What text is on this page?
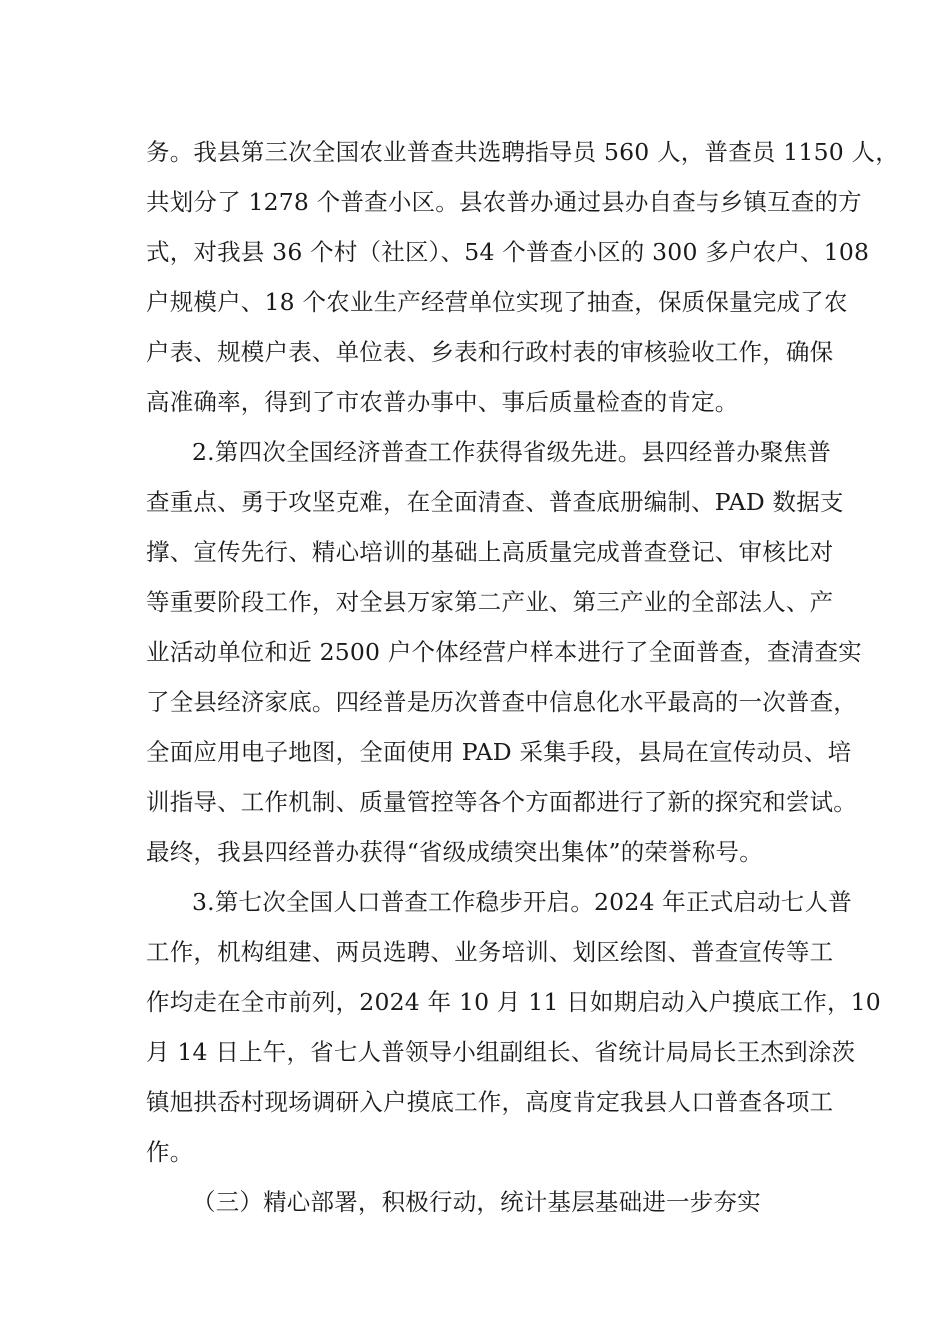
务。我县第三次全国农业普查共选聘指导员 560 人，普查员 1150 人，
共划分了 1278 个普查小区。县农普办通过县办自查与乡镇互查的方
式，对我县 36 个村（社区）、54 个普查小区的 300 多户农户、108
户规模户、18 个农业生产经营单位实现了抽查，保质保量完成了农
户表、规模户表、单位表、乡表和行政村表的审核验收工作，确保
高准确率，得到了市农普办事中、事后质量检查的肯定。
2.第四次全国经济普查工作获得省级先进。县四经普办聚焦普
查重点、勇于攻坚克难，在全面清查、普查底册编制、PAD 数据支
撑、宣传先行、精心培训的基础上高质量完成普查登记、审核比对
等重要阶段工作，对全县万家第二产业、第三产业的全部法人、产
业活动单位和近 2500 户个体经营户样本进行了全面普查，查清查实
了全县经济家底。四经普是历次普查中信息化水平最高的一次普查，
全面应用电子地图，全面使用 PAD 采集手段，县局在宣传动员、培
训指导、工作机制、质量管控等各个方面都进行了新的探究和尝试。
最终，我县四经普办获得“省级成绩突出集体”的荣誉称号。
3.第七次全国人口普查工作稳步开启。2024 年正式启动七人普
工作，机构组建、两员选聘、业务培训、划区绘图、普查宣传等工
作均走在全市前列，2024 年 10 月 11 日如期启动入户摸底工作，10
月 14 日上午，省七人普领导小组副组长、省统计局局长王杰到涂茨
镇旭拱岙村现场调研入户摸底工作，高度肯定我县人口普查各项工
作。
（三）精心部署，积极行动，统计基层基础进一步夯实
